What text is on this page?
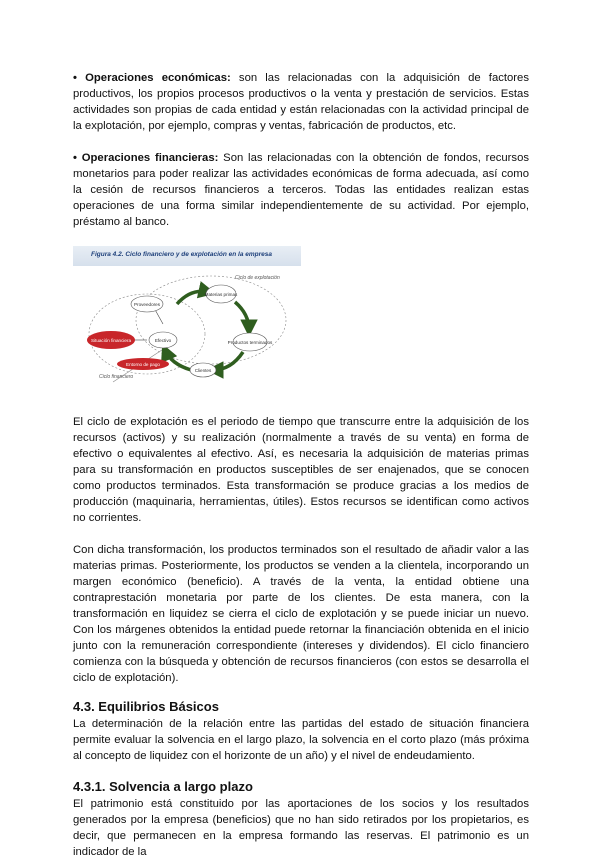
• Operaciones económicas: son las relacionadas con la adquisición de factores productivos, los propios procesos productivos o la venta y prestación de servicios. Estas actividades son propias de cada entidad y están relacionadas con la actividad principal de la explotación, por ejemplo, compras y ventas, fabricación de productos, etc.

• Operaciones financieras: Son las relacionadas con la obtención de fondos, recursos monetarios para poder realizar las actividades económicas de forma adecuada, así como la cesión de recursos financieros a terceros. Todas las entidades realizan estas operaciones de una forma similar independientemente de su actividad. Por ejemplo, préstamo al banco.

Figura 4.2. Ciclo financiero y de explotación en la empresa
Proveedores
Materias primas
Productos terminados
Clientes
Efectivo
Situación financiera
Entorno de pago
Ciclo de explotación
Ciclo financiero

El ciclo de explotación es el periodo de tiempo que transcurre entre la adquisición de los recursos (activos) y su realización (normalmente a través de su venta) en forma de efectivo o equivalentes al efectivo. Así, es necesaria la adquisición de materias primas para su transformación en productos susceptibles de ser enajenados, que se conocen como productos terminados. Esta transformación se produce gracias a los medios de producción (maquinaria, herramientas, útiles). Estos recursos se identifican como activos no corrientes.

Con dicha transformación, los productos terminados son el resultado de añadir valor a las materias primas. Posteriormente, los productos se venden a la clientela, incorporando un margen económico (beneficio). A través de la venta, la entidad obtiene una contraprestación monetaria por parte de los clientes. De esta manera, con la transformación en liquidez se cierra el ciclo de explotación y se puede iniciar un nuevo. Con los márgenes obtenidos la entidad puede retornar la financiación obtenida en el inicio junto con la remuneración correspondiente (intereses y dividendos). El ciclo financiero comienza con la búsqueda y obtención de recursos financieros (con estos se desarrolla el ciclo de explotación).

4.3. Equilibrios Básicos

La determinación de la relación entre las partidas del estado de situación financiera permite evaluar la solvencia en el largo plazo, la solvencia en el corto plazo (más próxima al concepto de liquidez con el horizonte de un año) y el nivel de endeudamiento.

4.3.1. Solvencia a largo plazo

El patrimonio está constituido por las aportaciones de los socios y los resultados generados por la empresa (beneficios) que no han sido retirados por los propietarios, es decir, que permanecen en la empresa formando las reservas. El patrimonio es un indicador de la
